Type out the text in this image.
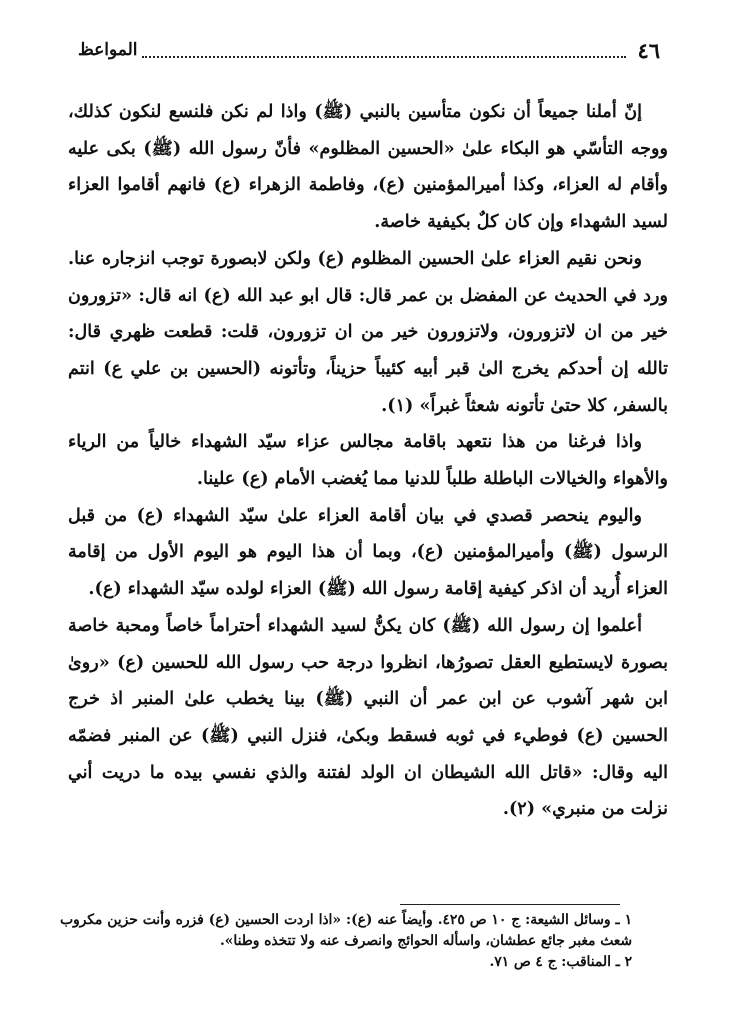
٤٦
المواعظ

إنّ أملنا جميعاً أن نكون متأسين بالنبي (ﷺ) واذا لم نكن فلنسع لنكون كذلك، ووجه التأسّي هو البكاء علىٰ «الحسين المظلوم» فأنّ رسول الله (ﷺ) بكى عليه وأقام له العزاء، وكذا أميرالمؤمنين (ع)، وفاطمة الزهراء (ع) فانهم أقاموا العزاء لسيد الشهداء وإن كان كلٌ بكيفية خاصة.

ونحن نقيم العزاء علىٰ الحسين المظلوم (ع) ولكن لابصورة توجب انزجاره عنا. ورد في الحديث عن المفضل بن عمر قال: قال ابو عبد الله (ع) انه قال: «تزورون خير من ان لاتزورون، ولاتزورون خير من ان تزورون، قلت: قطعت ظهري قال: تالله إن أحدكم يخرج الىٰ قبر أبيه كئيباً حزيناً، وتأتونه (الحسين بن علي ع) انتم بالسفر، كلا حتىٰ تأتونه شعثاً غبراً» (١).

واذا فرغنا من هذا نتعهد باقامة مجالس عزاء سيّد الشهداء خالياً من الرياء والأهواء والخيالات الباطلة طلباً للدنيا مما يُغضب الأمام (ع) علينا.

واليوم ينحصر قصدي في بيان أقامة العزاء علىٰ سيّد الشهداء (ع) من قبل الرسول (ﷺ) وأميرالمؤمنين (ع)، وبما أن هذا اليوم هو اليوم الأول من إقامة العزاء أُريد أن اذكر كيفية إقامة رسول الله (ﷺ) العزاء لولده سيّد الشهداء (ع).

أعلموا إن رسول الله (ﷺ) كان يكنُّ لسيد الشهداء أحتراماً خاصاً ومحبة خاصة بصورة لايستطيع العقل تصورُها، انظروا درجة حب رسول الله للحسين (ع) «رویٰ ابن شهر آشوب عن ابن عمر أن النبي (ﷺ) بينا يخطب علىٰ المنبر اذ خرج الحسين (ع) فوطيء في ثوبه فسقط وبكىٰ، فنزل النبي (ﷺ) عن المنبر فضمّه اليه وقال: «قاتل الله الشيطان ان الولد لفتنة والذي نفسي بيده ما دريت أني نزلت من منبري» (٢).

١ ـ وسائل الشيعة: ج ١٠ ص ٤٢٥. وأيضاً عنه (ع): «اذا اردت الحسين (ع) فزره وأنت حزين مكروب شعث مغبر جائع عطشان، واسأله الحوائج وانصرف عنه ولا تتخذه وطنا».

٢ ـ المناقب: ج ٤ ص ٧١.
